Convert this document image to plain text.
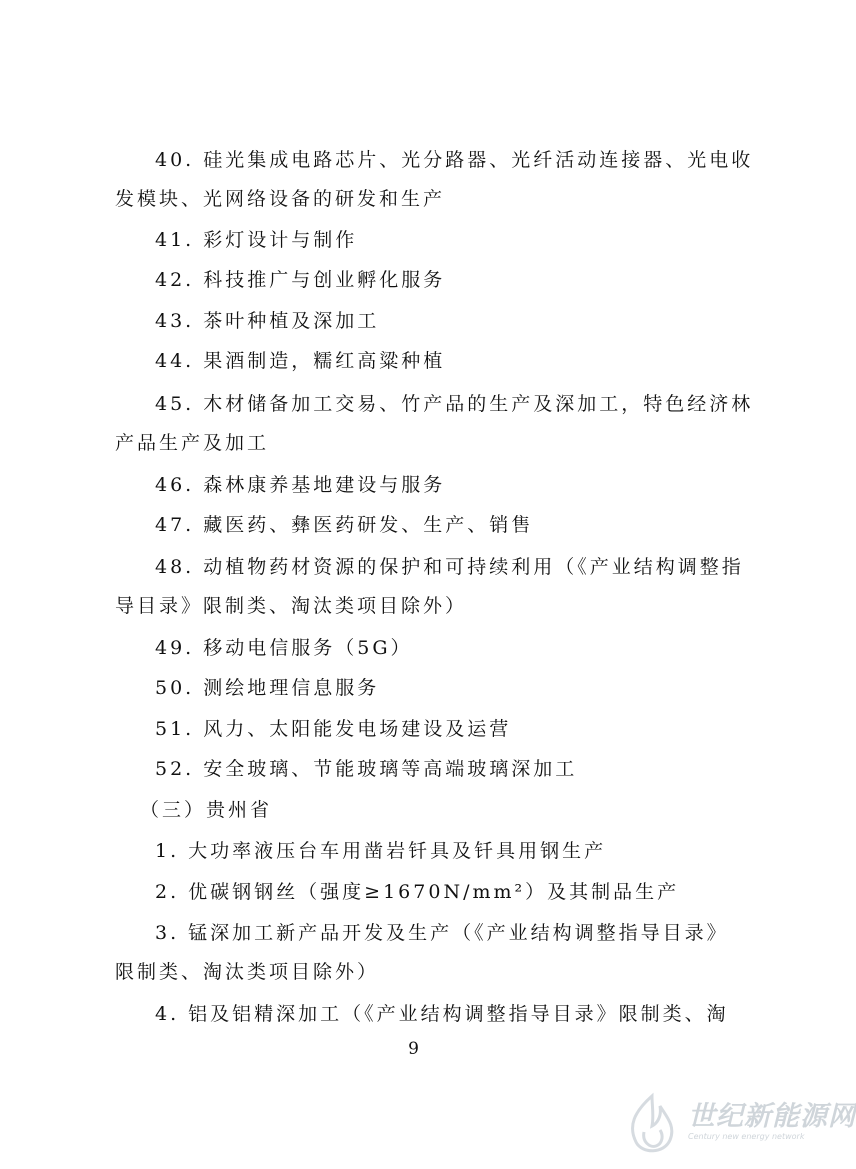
40. 硅光集成电路芯片、光分路器、光纤活动连接器、光电收
发模块、光网络设备的研发和生产
41. 彩灯设计与制作
42. 科技推广与创业孵化服务
43. 茶叶种植及深加工
44. 果酒制造，糯红高粱种植
45. 木材储备加工交易、竹产品的生产及深加工，特色经济林
产品生产及加工
46. 森林康养基地建设与服务
47. 藏医药、彝医药研发、生产、销售
48. 动植物药材资源的保护和可持续利用（《产业结构调整指
导目录》限制类、淘汰类项目除外）
49. 移动电信服务（5G）
50. 测绘地理信息服务
51. 风力、太阳能发电场建设及运营
52. 安全玻璃、节能玻璃等高端玻璃深加工
（三）贵州省
1. 大功率液压台车用凿岩钎具及钎具用钢生产
2. 优碳钢钢丝（强度≥1670N/mm²）及其制品生产
3. 锰深加工新产品开发及生产（《产业结构调整指导目录》
限制类、淘汰类项目除外）
4. 铝及铝精深加工（《产业结构调整指导目录》限制类、淘
9
世纪新能源网
Century new energy network
